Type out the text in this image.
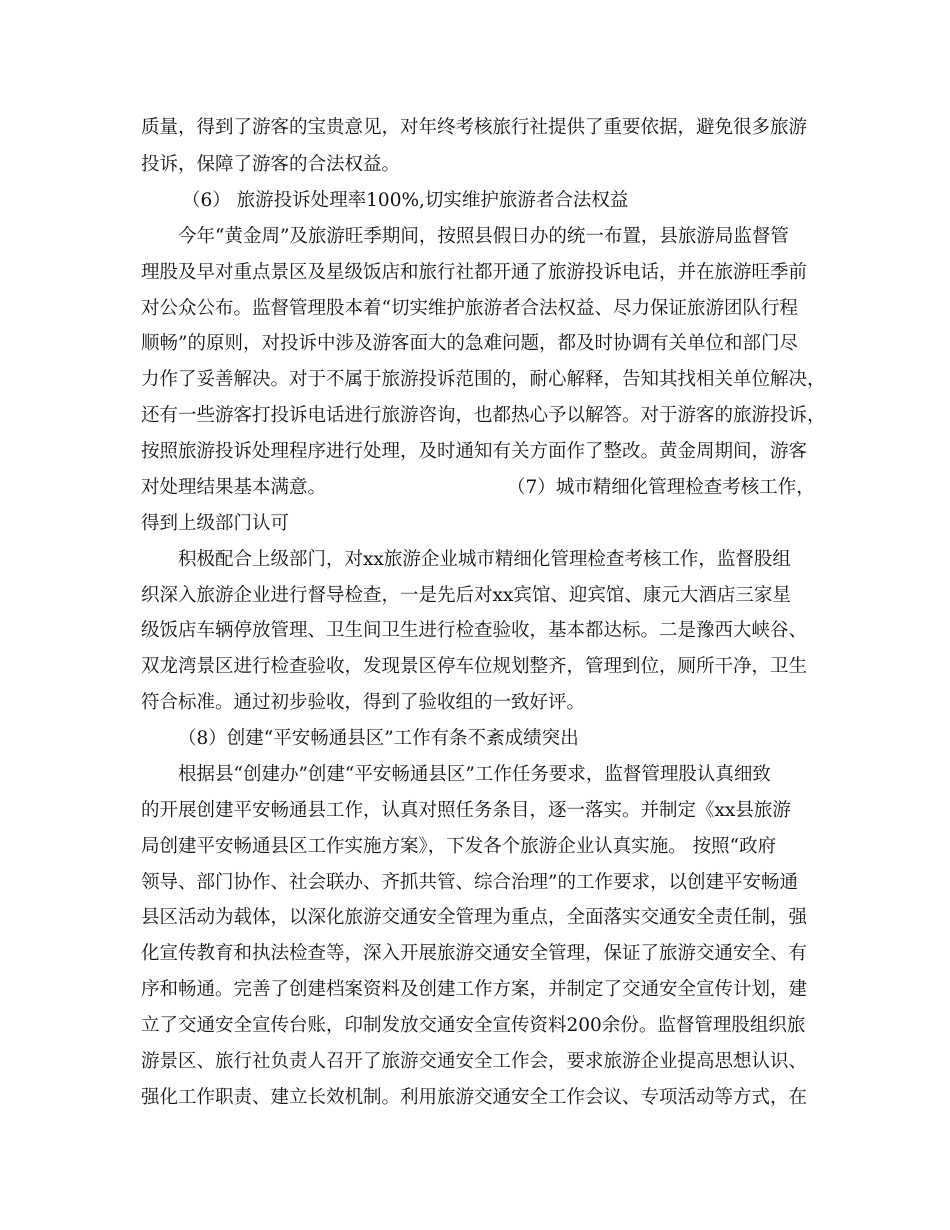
质量，得到了游客的宝贵意见，对年终考核旅行社提供了重要依据，避免很多旅游
投诉，保障了游客的合法权益。
（6） 旅游投诉处理率100%,切实维护旅游者合法权益
今年“黄金周”及旅游旺季期间，按照县假日办的统一布置，县旅游局监督管
理股及早对重点景区及星级饭店和旅行社都开通了旅游投诉电话，并在旅游旺季前
对公众公布。监督管理股本着“切实维护旅游者合法权益、尽力保证旅游团队行程
顺畅”的原则，对投诉中涉及游客面大的急难问题，都及时协调有关单位和部门尽
力作了妥善解决。对于不属于旅游投诉范围的，耐心解释，告知其找相关单位解决，
还有一些游客打投诉电话进行旅游咨询，也都热心予以解答。对于游客的旅游投诉，
按照旅游投诉处理程序进行处理，及时通知有关方面作了整改。黄金周期间，游客
对处理结果基本满意。	（7）城市精细化管理检查考核工作，
得到上级部门认可
积极配合上级部门，对xx旅游企业城市精细化管理检查考核工作，监督股组
织深入旅游企业进行督导检查，一是先后对xx宾馆、迎宾馆、康元大酒店三家星
级饭店车辆停放管理、卫生间卫生进行检查验收，基本都达标。二是豫西大峡谷、
双龙湾景区进行检查验收，发现景区停车位规划整齐，管理到位，厕所干净，卫生
符合标准。通过初步验收，得到了验收组的一致好评。
（8）创建“平安畅通县区”工作有条不紊成绩突出
根据县“创建办”创建“平安畅通县区”工作任务要求，监督管理股认真细致
的开展创建平安畅通县工作，认真对照任务条目，逐一落实。并制定《xx县旅游
局创建平安畅通县区工作实施方案》，下发各个旅游企业认真实施。 按照“政府
领导、部门协作、社会联办、齐抓共管、综合治理”的工作要求，以创建平安畅通
县区活动为载体，以深化旅游交通安全管理为重点，全面落实交通安全责任制，强
化宣传教育和执法检查等，深入开展旅游交通安全管理，保证了旅游交通安全、有
序和畅通。完善了创建档案资料及创建工作方案，并制定了交通安全宣传计划，建
立了交通安全宣传台账，印制发放交通安全宣传资料200余份。监督管理股组织旅
游景区、旅行社负责人召开了旅游交通安全工作会，要求旅游企业提高思想认识、
强化工作职责、建立长效机制。利用旅游交通安全工作会议、专项活动等方式，在
